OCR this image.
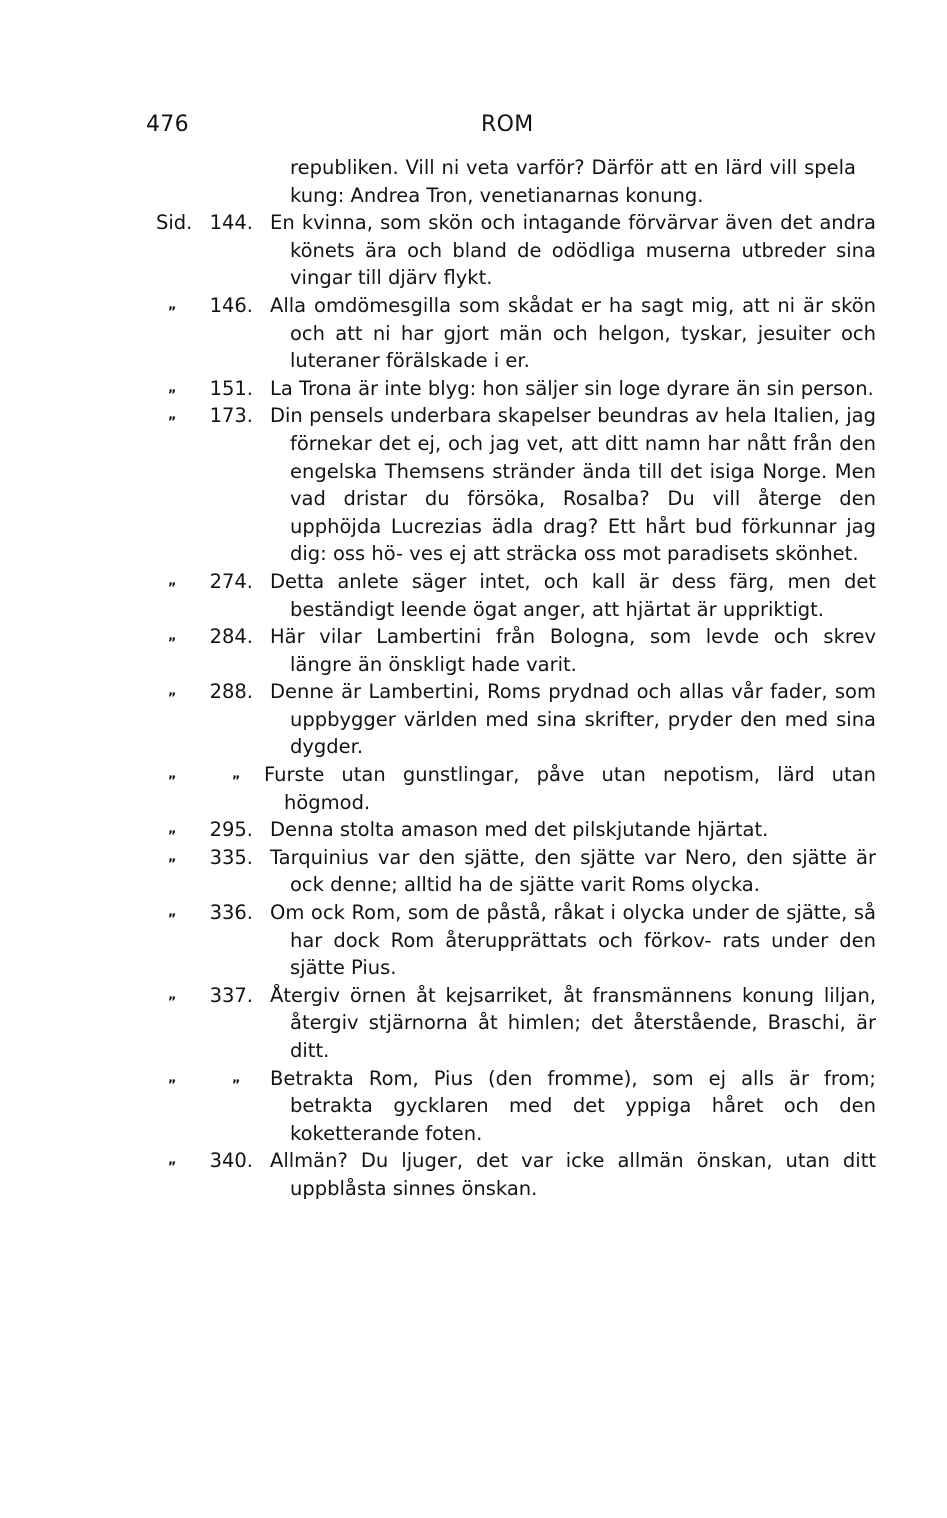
476	ROM
republiken. Vill ni veta varför? Därför att en lärd vill spela kung: Andrea Tron, venetianarnas konung.
Sid. 144. En kvinna, som skön och intagande förvärvar även det andra könets ära och bland de odödliga muserna utbreder sina vingar till djärv flykt.
„	146. Alla omdömesgilla som skådat er ha sagt mig, att ni är skön och att ni har gjort män och helgon, tyskar, jesuiter och luteraner förälskade i er.
„	151. La Trona är inte blyg: hon säljer sin loge dyrare än sin person.
„	173. Din pensels underbara skapelser beundras av hela Italien, jag förnekar det ej, och jag vet, att ditt namn har nått från den engelska Themsens stränder ända till det isiga Norge. Men vad dristar du försöka, Rosalba? Du vill återge den upphöjda Lucrezias ädla drag? Ett hårt bud förkunnar jag dig: oss hö- ves ej att sträcka oss mot paradisets skönhet.
„	274. Detta anlete säger intet, och kall är dess färg, men det beständigt leende ögat anger, att hjärtat är uppriktigt.
„	284. Här vilar Lambertini från Bologna, som levde och skrev längre än önskligt hade varit.
„	288. Denne är Lambertini, Roms prydnad och allas vår fader, som uppbygger världen med sina skrifter, pryder den med sina dygder.
„	„ Furste utan gunstlingar, påve utan nepotism, lärd utan högmod.
„	295. Denna stolta amason med det pilskjutande hjärtat.
„	335. Tarquinius var den sjätte, den sjätte var Nero, den sjätte är ock denne; alltid ha de sjätte varit Roms olycka.
„	336. Om ock Rom, som de påstå, råkat i olycka under de sjätte, så har dock Rom återupprättats och förkov- rats under den sjätte Pius.
„	337. Återgiv örnen åt kejsarriket, åt fransmännens konung liljan, återgiv stjärnorna åt himlen; det återstående, Braschi, är ditt.
„	„ Betrakta Rom, Pius (den fromme), som ej alls är from; betrakta gycklaren med det yppiga håret och den koketterande foten.
„	340. Allmän? Du ljuger, det var icke allmän önskan, utan ditt uppblåsta sinnes önskan.
